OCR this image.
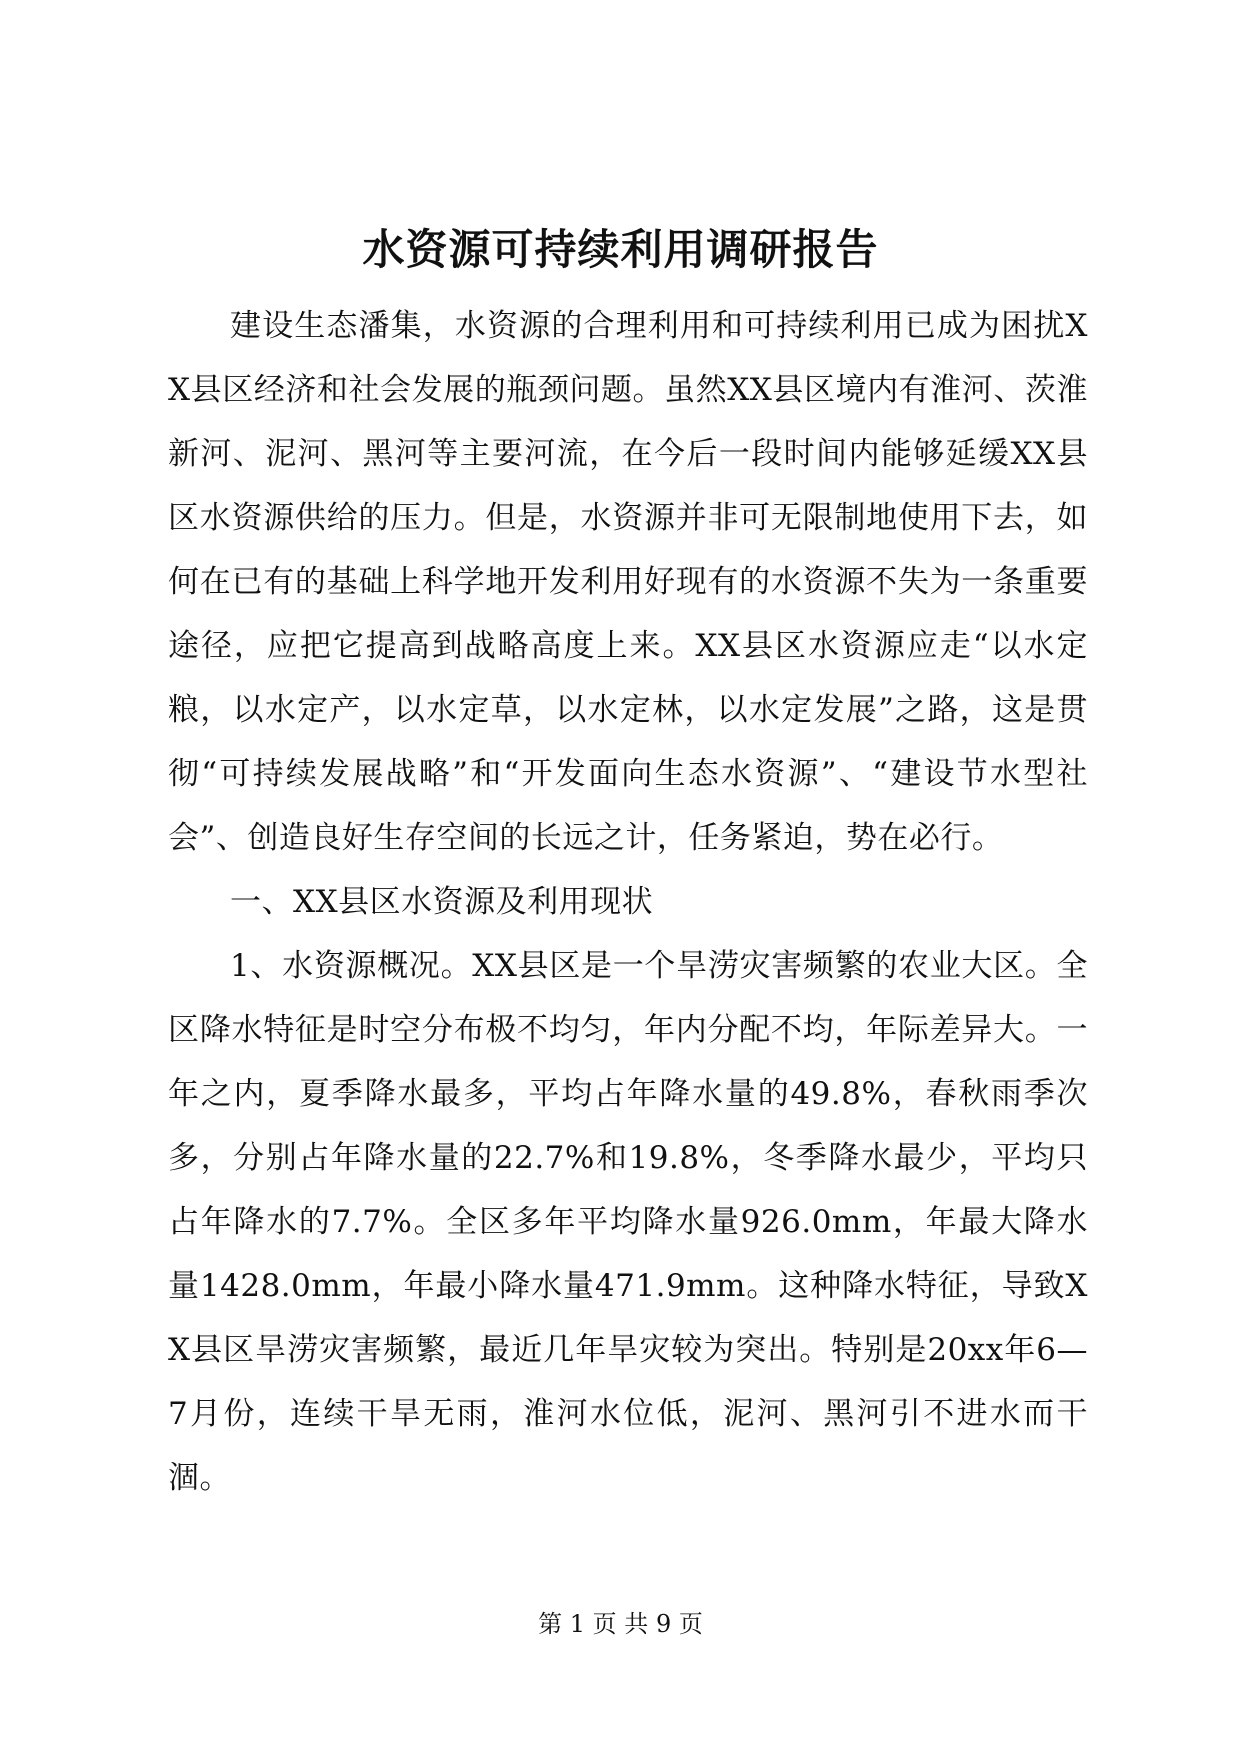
水资源可持续利用调研报告

建设生态潘集，水资源的合理利用和可持续利用已成为困扰XX县区经济和社会发展的瓶颈问题。虽然XX县区境内有淮河、茨淮新河、泥河、黑河等主要河流，在今后一段时间内能够延缓XX县区水资源供给的压力。但是，水资源并非可无限制地使用下去，如何在已有的基础上科学地开发利用好现有的水资源不失为一条重要途径，应把它提高到战略高度上来。XX县区水资源应走“以水定粮，以水定产，以水定草，以水定林，以水定发展”之路，这是贯彻“可持续发展战略”和“开发面向生态水资源”、“建设节水型社会”、创造良好生存空间的长远之计，任务紧迫，势在必行。

一、XX县区水资源及利用现状

1、水资源概况。XX县区是一个旱涝灾害频繁的农业大区。全区降水特征是时空分布极不均匀，年内分配不均，年际差异大。一年之内，夏季降水最多，平均占年降水量的49.8%，春秋雨季次多，分别占年降水量的22.7%和19.8%，冬季降水最少，平均只占年降水的7.7%。全区多年平均降水量926.0mm，年最大降水量1428.0mm，年最小降水量471.9mm。这种降水特征，导致XX县区旱涝灾害频繁，最近几年旱灾较为突出。特别是20xx年6—7月份，连续干旱无雨，淮河水位低，泥河、黑河引不进水而干涸。

第 1 页 共 9 页
